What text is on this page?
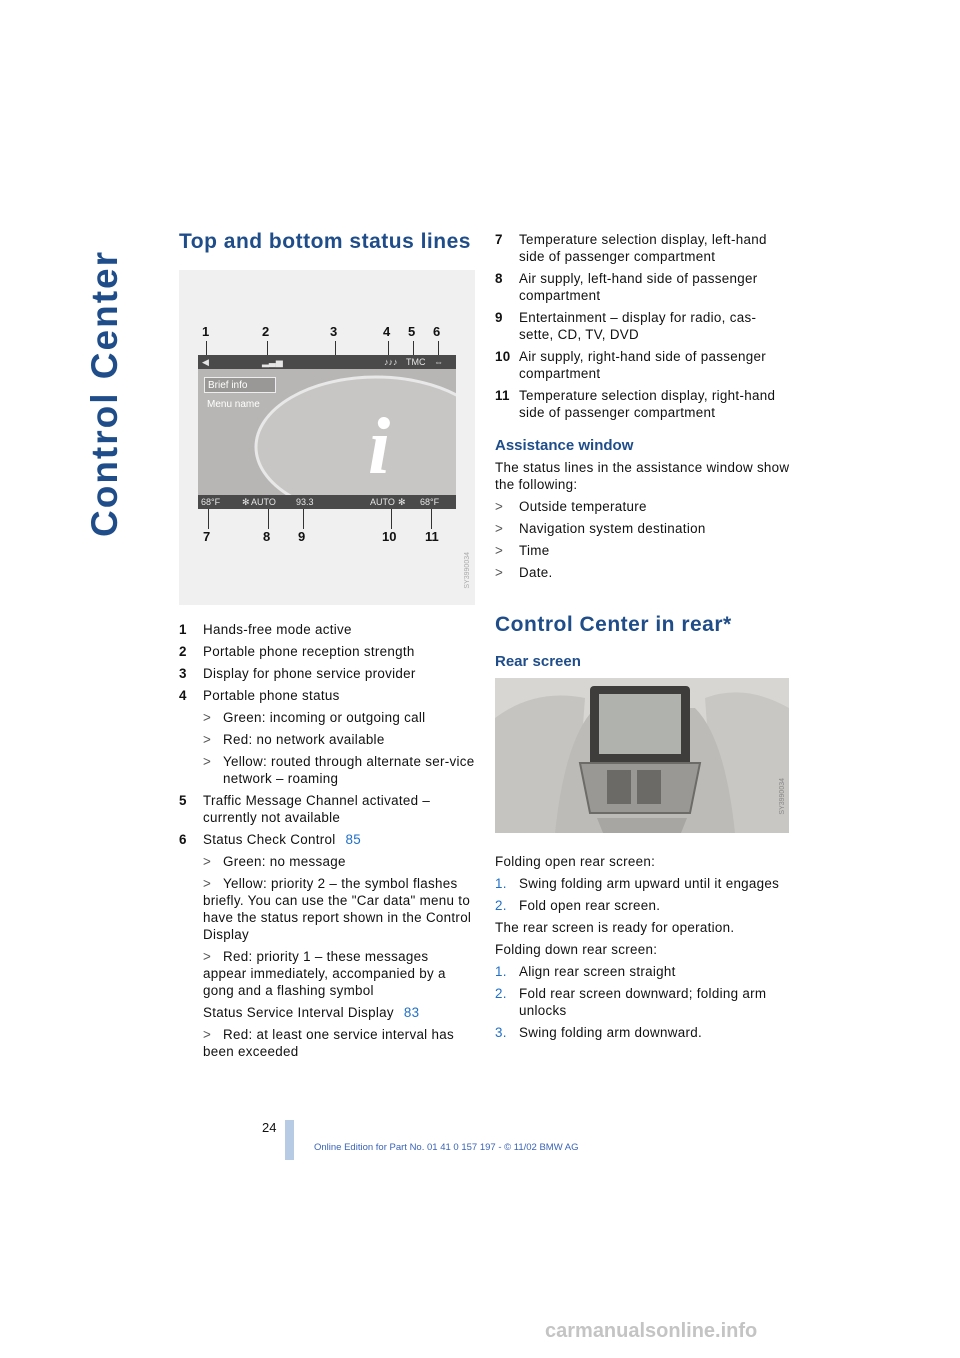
Control Center
Top and bottom status lines
1	2	3	4 5 6
◀	▂▃▅	♪♪♪ TMC ⇔
Brief info
Menu name i
68°F ✻ AUTO 93.3	AUTO ✻ 68°F
7	8 9	10 11
SY3990034
1 Hands-free mode active
2 Portable phone reception strength
3 Display for phone service provider
4 Portable phone status
> Green: incoming or outgoing call
> Red: no network available
> Yellow: routed through alternate ser-vice network – roaming
5 Traffic Message Channel activated – currently not available
6 Status Check Control 85
> Green: no message
> Yellow: priority 2 – the symbol flashes briefly. You can use the "Car data" menu to have the status report shown in the Control Display
> Red: priority 1 – these messages appear immediately, accompanied by a gong and a flashing symbol
Status Service Interval Display 83
> Red: at least one service interval has been exceeded
7 Temperature selection display, left-hand side of passenger compartment
8 Air supply, left-hand side of passenger compartment
9 Entertainment – display for radio, cas-sette, CD, TV, DVD
10 Air supply, right-hand side of passenger compartment
11 Temperature selection display, right-hand side of passenger compartment
Assistance window
The status lines in the assistance window show the following:
> Outside temperature
> Navigation system destination
> Time
> Date.
Control Center in rear*
Rear screen
SY3990034
Folding open rear screen:
1. Swing folding arm upward until it engages
2. Fold open rear screen.
The rear screen is ready for operation.
Folding down rear screen:
1. Align rear screen straight
2. Fold rear screen downward; folding arm unlocks
3. Swing folding arm downward.
24
Online Edition for Part No. 01 41 0 157 197 - © 11/02 BMW AG
carmanualsonline.info
